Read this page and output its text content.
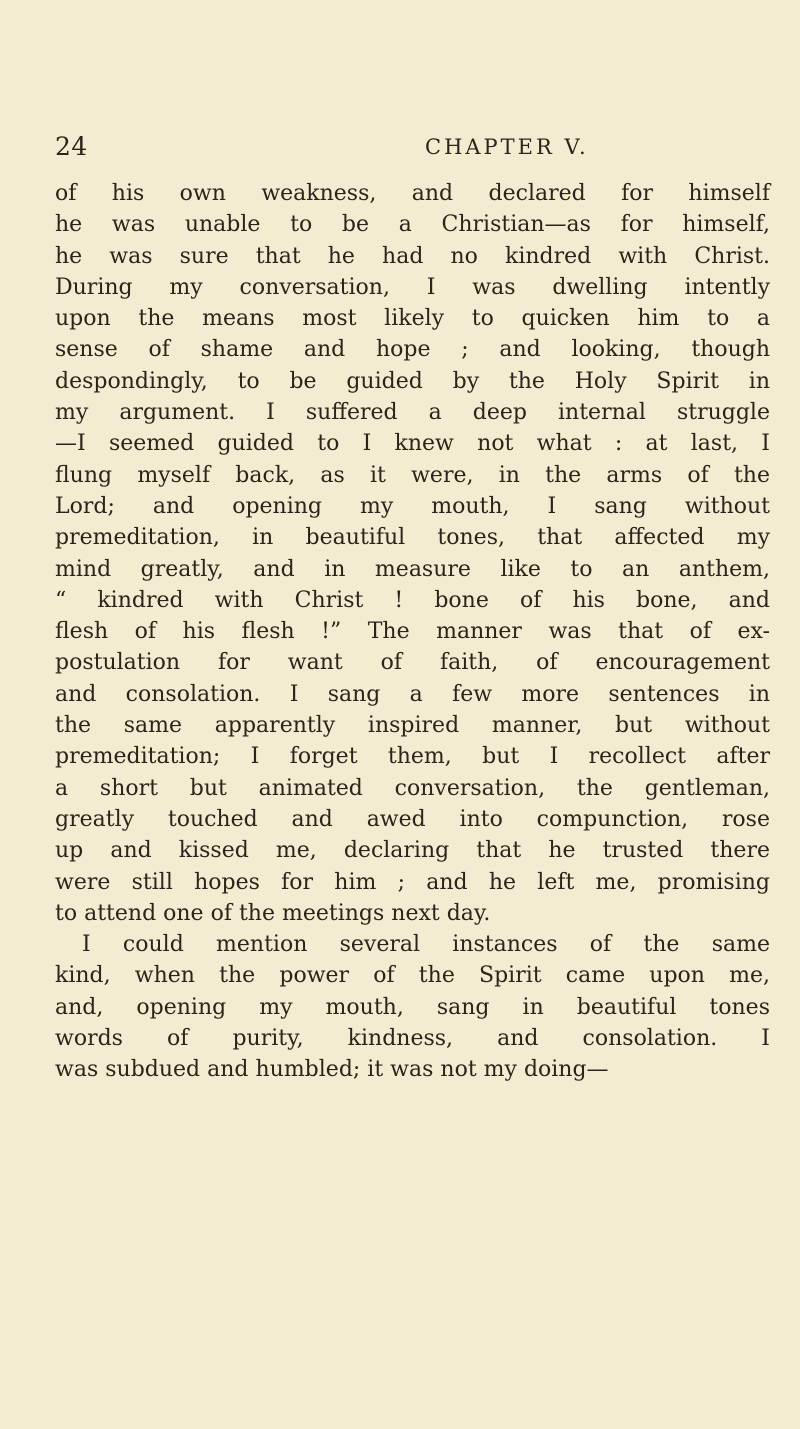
24	CHAPTER V.
of his own weakness, and declared for himself
he was unable to be a Christian—as for himself,
he was sure that he had no kindred with Christ.
During my conversation, I was dwelling intently
upon the means most likely to quicken him to a
sense of shame and hope ; and looking, though
despondingly, to be guided by the Holy Spirit in
my argument. I suffered a deep internal struggle
—I seemed guided to I knew not what : at last, I
flung myself back, as it were, in the arms of the
Lord; and opening my mouth, I sang without
premeditation, in beautiful tones, that affected my
mind greatly, and in measure like to an anthem,
“ kindred with Christ ! bone of his bone, and
flesh of his flesh !” The manner was that of ex-
postulation for want of faith, of encouragement
and consolation. I sang a few more sentences in
the same apparently inspired manner, but without
premeditation; I forget them, but I recollect after
a short but animated conversation, the gentleman,
greatly touched and awed into compunction, rose
up and kissed me, declaring that he trusted there
were still hopes for him ; and he left me, promising
to attend one of the meetings next day.
I could mention several instances of the same
kind, when the power of the Spirit came upon me,
and, opening my mouth, sang in beautiful tones
words of purity, kindness, and consolation. I
was subdued and humbled; it was not my doing—
